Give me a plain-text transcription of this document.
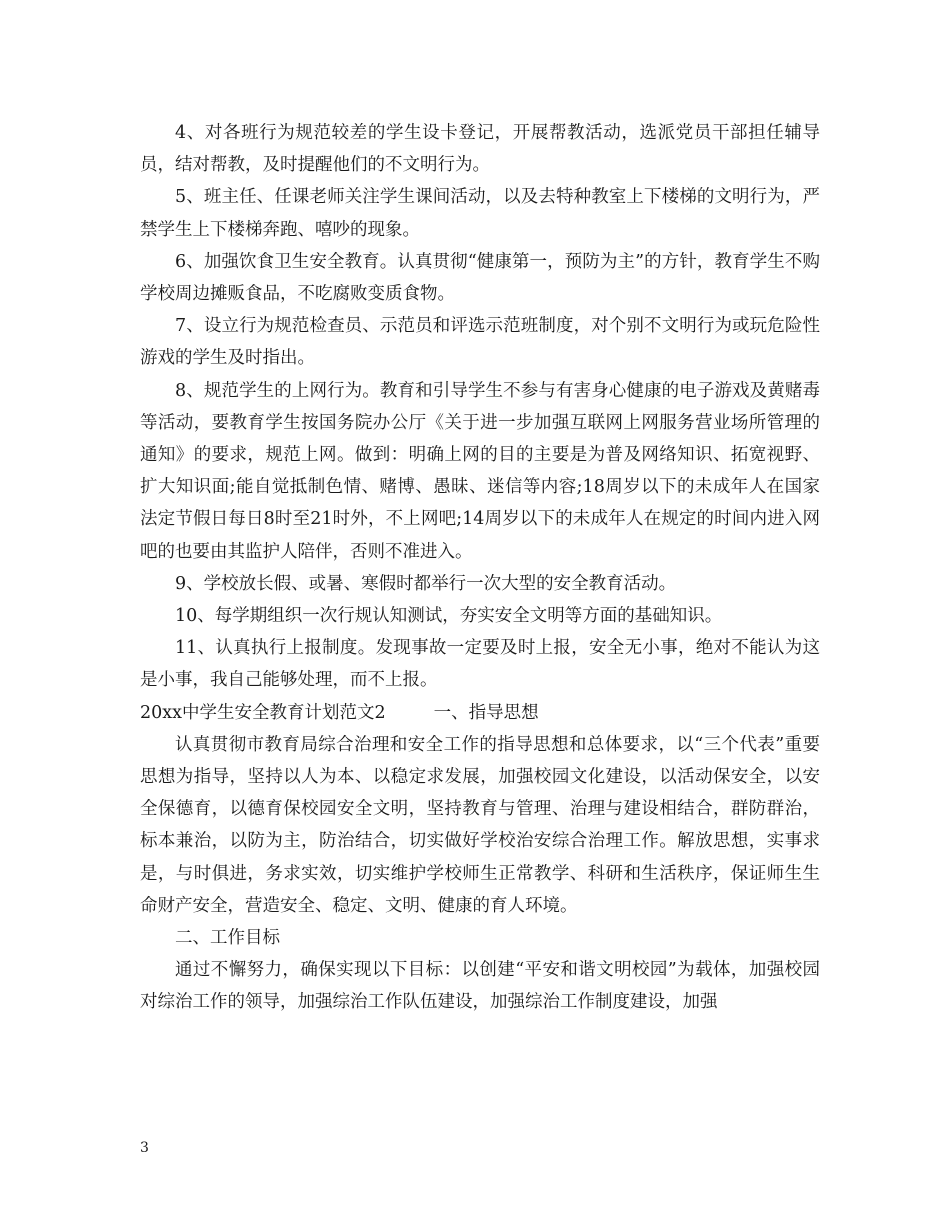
4、对各班行为规范较差的学生设卡登记，开展帮教活动，选派党员干部担任辅导员，结对帮教，及时提醒他们的不文明行为。

5、班主任、任课老师关注学生课间活动，以及去特种教室上下楼梯的文明行为，严禁学生上下楼梯奔跑、嘻吵的现象。

6、加强饮食卫生安全教育。认真贯彻“健康第一，预防为主”的方针，教育学生不购学校周边摊贩食品，不吃腐败变质食物。

7、设立行为规范检查员、示范员和评选示范班制度，对个别不文明行为或玩危险性游戏的学生及时指出。

8、规范学生的上网行为。教育和引导学生不参与有害身心健康的电子游戏及黄赌毒等活动，要教育学生按国务院办公厅《关于进一步加强互联网上网服务营业场所管理的通知》的要求，规范上网。做到：明确上网的目的主要是为普及网络知识、拓宽视野、扩大知识面;能自觉抵制色情、赌博、愚昧、迷信等内容;18周岁以下的未成年人在国家法定节假日每日8时至21时外，不上网吧;14周岁以下的未成年人在规定的时间内进入网吧的也要由其监护人陪伴，否则不准进入。

9、学校放长假、或暑、寒假时都举行一次大型的安全教育活动。

10、每学期组织一次行规认知测试，夯实安全文明等方面的基础知识。

11、认真执行上报制度。发现事故一定要及时上报，安全无小事，绝对不能认为这是小事，我自己能够处理，而不上报。

20xx中学生安全教育计划范文2	一、指导思想

认真贯彻市教育局综合治理和安全工作的指导思想和总体要求，以“三个代表”重要思想为指导，坚持以人为本、以稳定求发展，加强校园文化建设，以活动保安全，以安全保德育，以德育保校园安全文明，坚持教育与管理、治理与建设相结合，群防群治，标本兼治，以防为主，防治结合，切实做好学校治安综合治理工作。解放思想，实事求是，与时俱进，务求实效，切实维护学校师生正常教学、科研和生活秩序，保证师生生命财产安全，营造安全、稳定、文明、健康的育人环境。

二、工作目标

通过不懈努力，确保实现以下目标：以创建“平安和谐文明校园”为载体，加强校园对综治工作的领导，加强综治工作队伍建设，加强综治工作制度建设，加强

3
